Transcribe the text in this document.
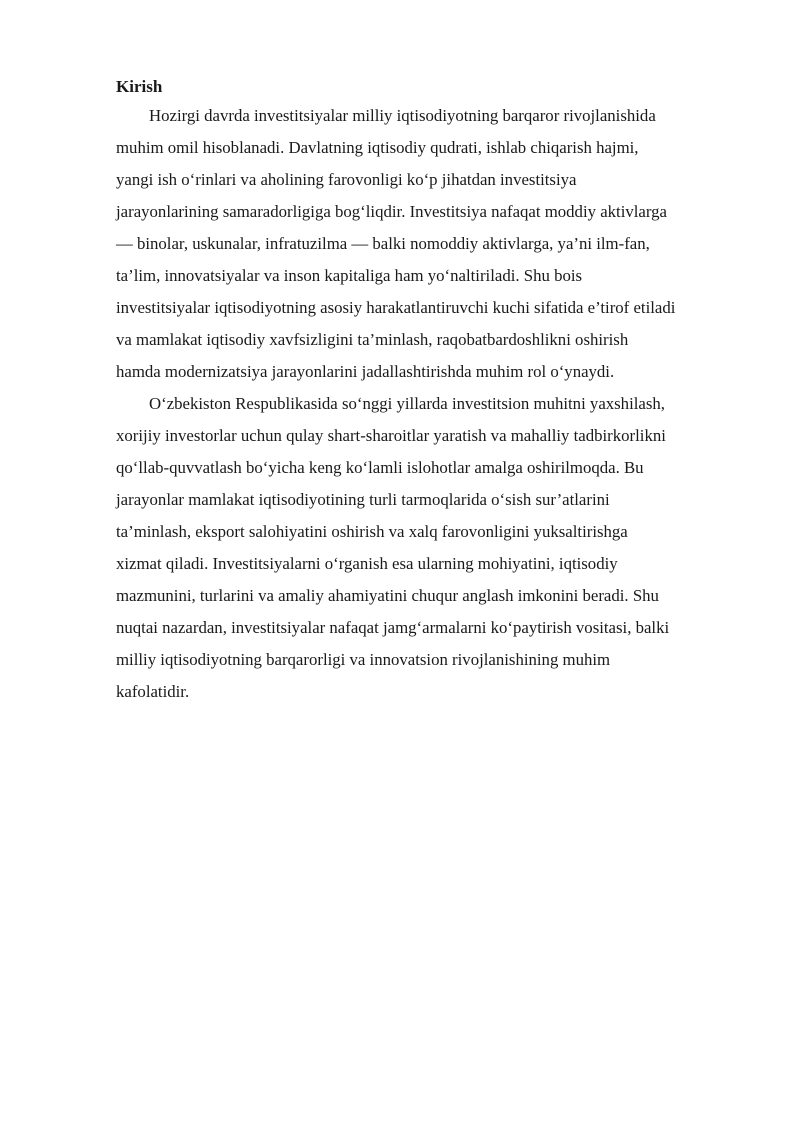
Kirish
Hozirgi davrda investitsiyalar milliy iqtisodiyotning barqaror rivojlanishida
muhim omil hisoblanadi. Davlatning iqtisodiy qudrati, ishlab chiqarish hajmi,
yangi ish o‘rinlari va aholining farovonligi ko‘p jihatdan investitsiya
jarayonlarining samaradorligiga bog‘liqdir. Investitsiya nafaqat moddiy aktivlarga
— binolar, uskunalar, infratuzilma — balki nomoddiy aktivlarga, ya’ni ilm-fan,
ta’lim, innovatsiyalar va inson kapitaliga ham yo‘naltiriladi. Shu bois
investitsiyalar iqtisodiyotning asosiy harakatlantiruvchi kuchi sifatida e’tirof etiladi
va mamlakat iqtisodiy xavfsizligini ta’minlash, raqobatbardoshlikni oshirish
hamda modernizatsiya jarayonlarini jadallashtirishda muhim rol o‘ynaydi.
O‘zbekiston Respublikasida so‘nggi yillarda investitsion muhitni yaxshilash,
xorijiy investorlar uchun qulay shart-sharoitlar yaratish va mahalliy tadbirkorlikni
qo‘llab-quvvatlash bo‘yicha keng ko‘lamli islohotlar amalga oshirilmoqda. Bu
jarayonlar mamlakat iqtisodiyotining turli tarmoqlarida o‘sish sur’atlarini
ta’minlash, eksport salohiyatini oshirish va xalq farovonligini yuksaltirishga
xizmat qiladi. Investitsiyalarni o‘rganish esa ularning mohiyatini, iqtisodiy
mazmunini, turlarini va amaliy ahamiyatini chuqur anglash imkonini beradi. Shu
nuqtai nazardan, investitsiyalar nafaqat jamg‘armalarni ko‘paytirish vositasi, balki
milliy iqtisodiyotning barqarorligi va innovatsion rivojlanishining muhim
kafolatidir.
